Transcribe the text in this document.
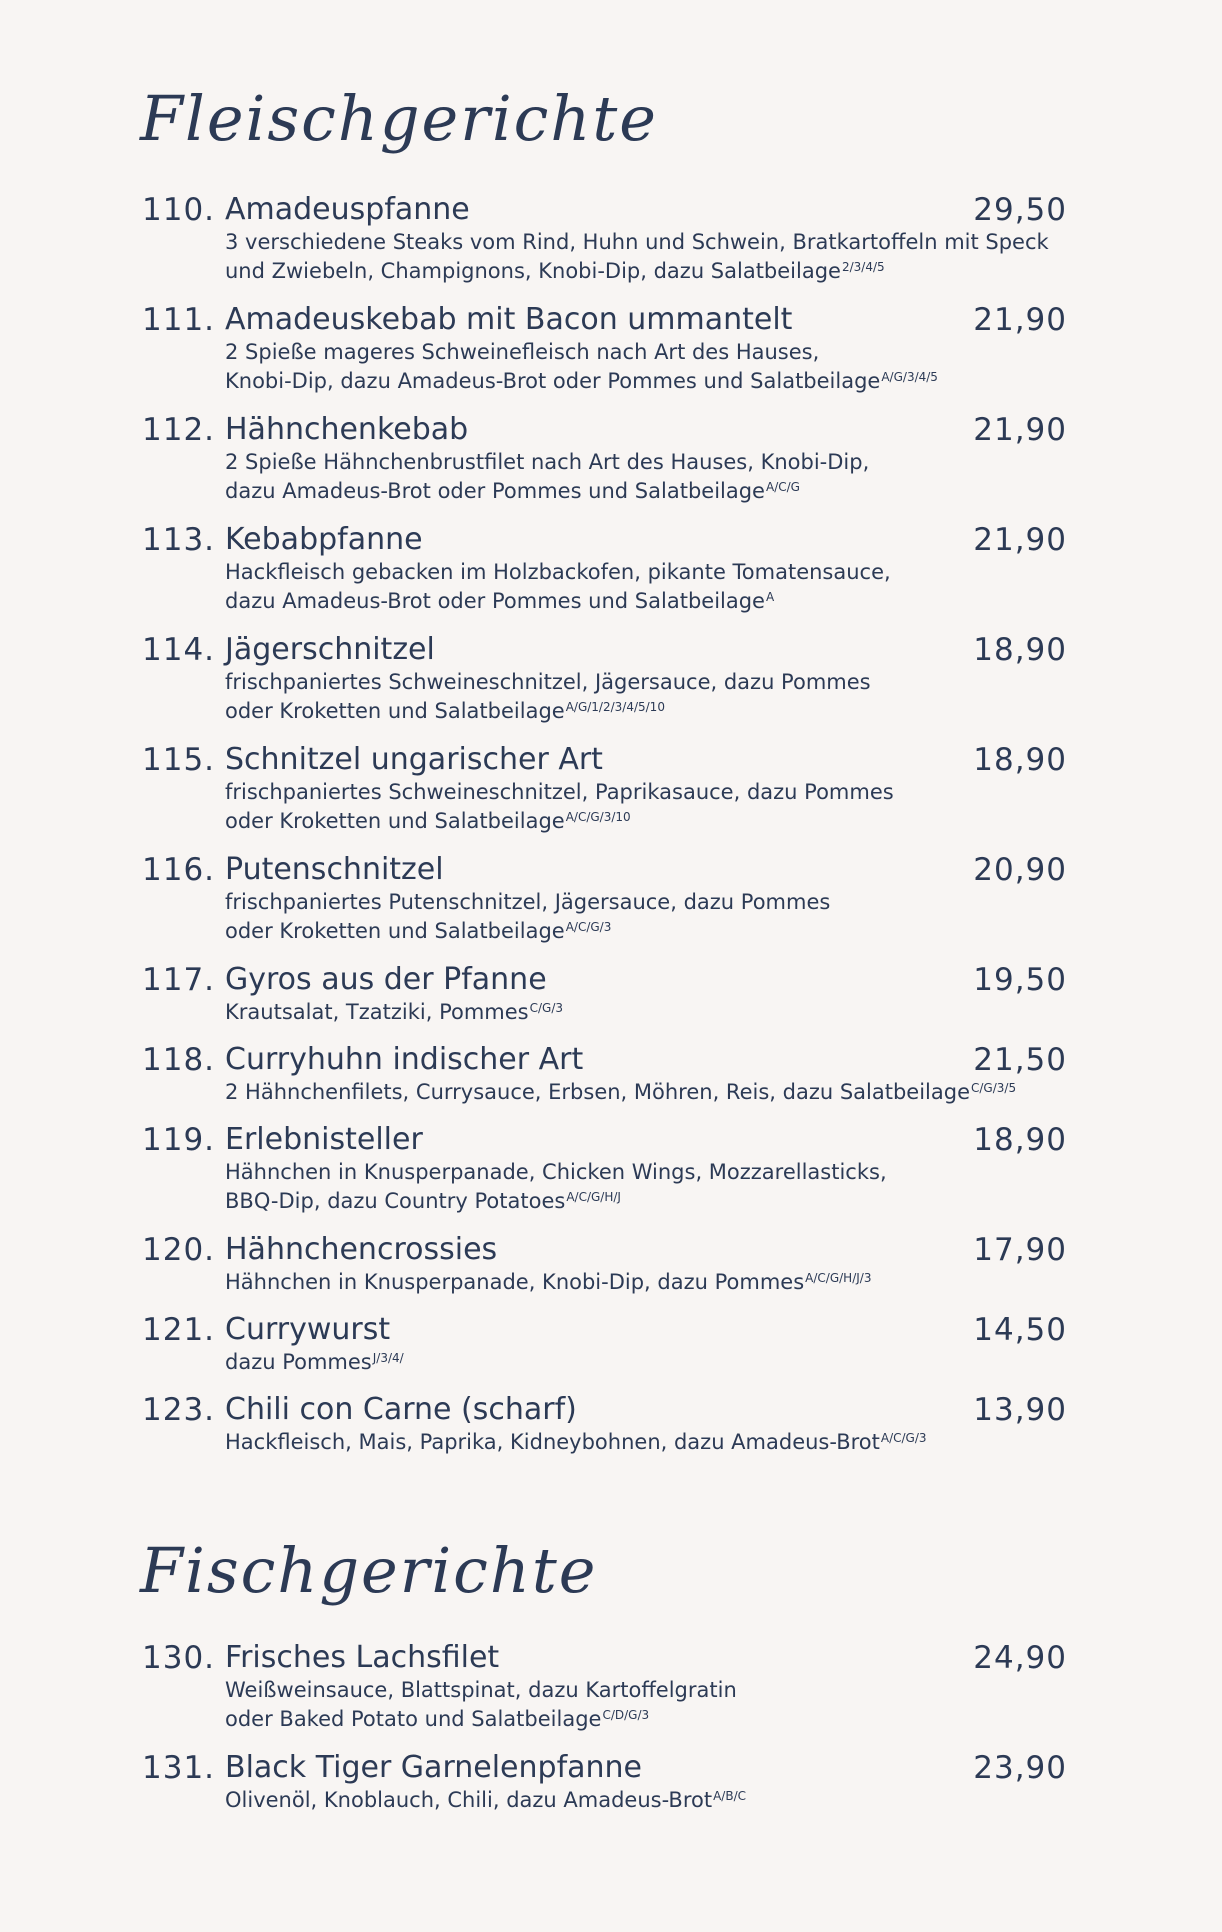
Fleischgerichte
110. Amadeuspfanne	29,50
3 verschiedene Steaks vom Rind, Huhn und Schwein, Bratkartoffeln mit Speck
und Zwiebeln, Champignons, Knobi-Dip, dazu Salatbeilage$^{2/3/4/5}$
111. Amadeuskebab mit Bacon ummantelt	21,90
2 Spieße mageres Schweinefleisch nach Art des Hauses,
Knobi-Dip, dazu Amadeus-Brot oder Pommes und Salatbeilage$^{A/G/3/4/5}$
112. Hähnchenkebab	21,90
2 Spieße Hähnchenbrustfilet nach Art des Hauses, Knobi-Dip,
dazu Amadeus-Brot oder Pommes und Salatbeilage$^{A/C/G}$
113. Kebabpfanne	21,90
Hackfleisch gebacken im Holzbackofen, pikante Tomatensauce,
dazu Amadeus-Brot oder Pommes und Salatbeilage$^A$
114. Jägerschnitzel	18,90
frischpaniertes Schweineschnitzel, Jägersauce, dazu Pommes
oder Kroketten und Salatbeilage$^{A/G/1/2/3/4/5/10}$
115. Schnitzel ungarischer Art	18,90
frischpaniertes Schweineschnitzel, Paprikasauce, dazu Pommes
oder Kroketten und Salatbeilage$^{A/C/G/3/10}$
116. Putenschnitzel	20,90
frischpaniertes Putenschnitzel, Jägersauce, dazu Pommes
oder Kroketten und Salatbeilage$^{A/C/G/3}$
117. Gyros aus der Pfanne	19,50
Krautsalat, Tzatziki, Pommes$^{C/G/3}$
118. Curryhuhn indischer Art	21,50
2 Hähnchenfilets, Currysauce, Erbsen, Möhren, Reis, dazu Salatbeilage$^{C/G/3/5}$
119. Erlebnisteller	18,90
Hähnchen in Knusperpanade, Chicken Wings, Mozzarellasticks,
BBQ-Dip, dazu Country Potatoes$^{A/C/G/H/J}$
120. Hähnchencrossies	17,90
Hähnchen in Knusperpanade, Knobi-Dip, dazu Pommes$^{A/C/G/H/J/3}$
121. Currywurst	14,50
dazu Pommes$^{J/3/4/}$
123. Chili con Carne (scharf)	13,90
Hackfleisch, Mais, Paprika, Kidneybohnen, dazu Amadeus-Brot$^{A/C/G/3}$
Fischgerichte
130. Frisches Lachsfilet	24,90
Weißweinsauce, Blattspinat, dazu Kartoffelgratin
oder Baked Potato und Salatbeilage$^{C/D/G/3}$
131. Black Tiger Garnelenpfanne	23,90
Olivenöl, Knoblauch, Chili, dazu Amadeus-Brot$^{A/B/C}$
